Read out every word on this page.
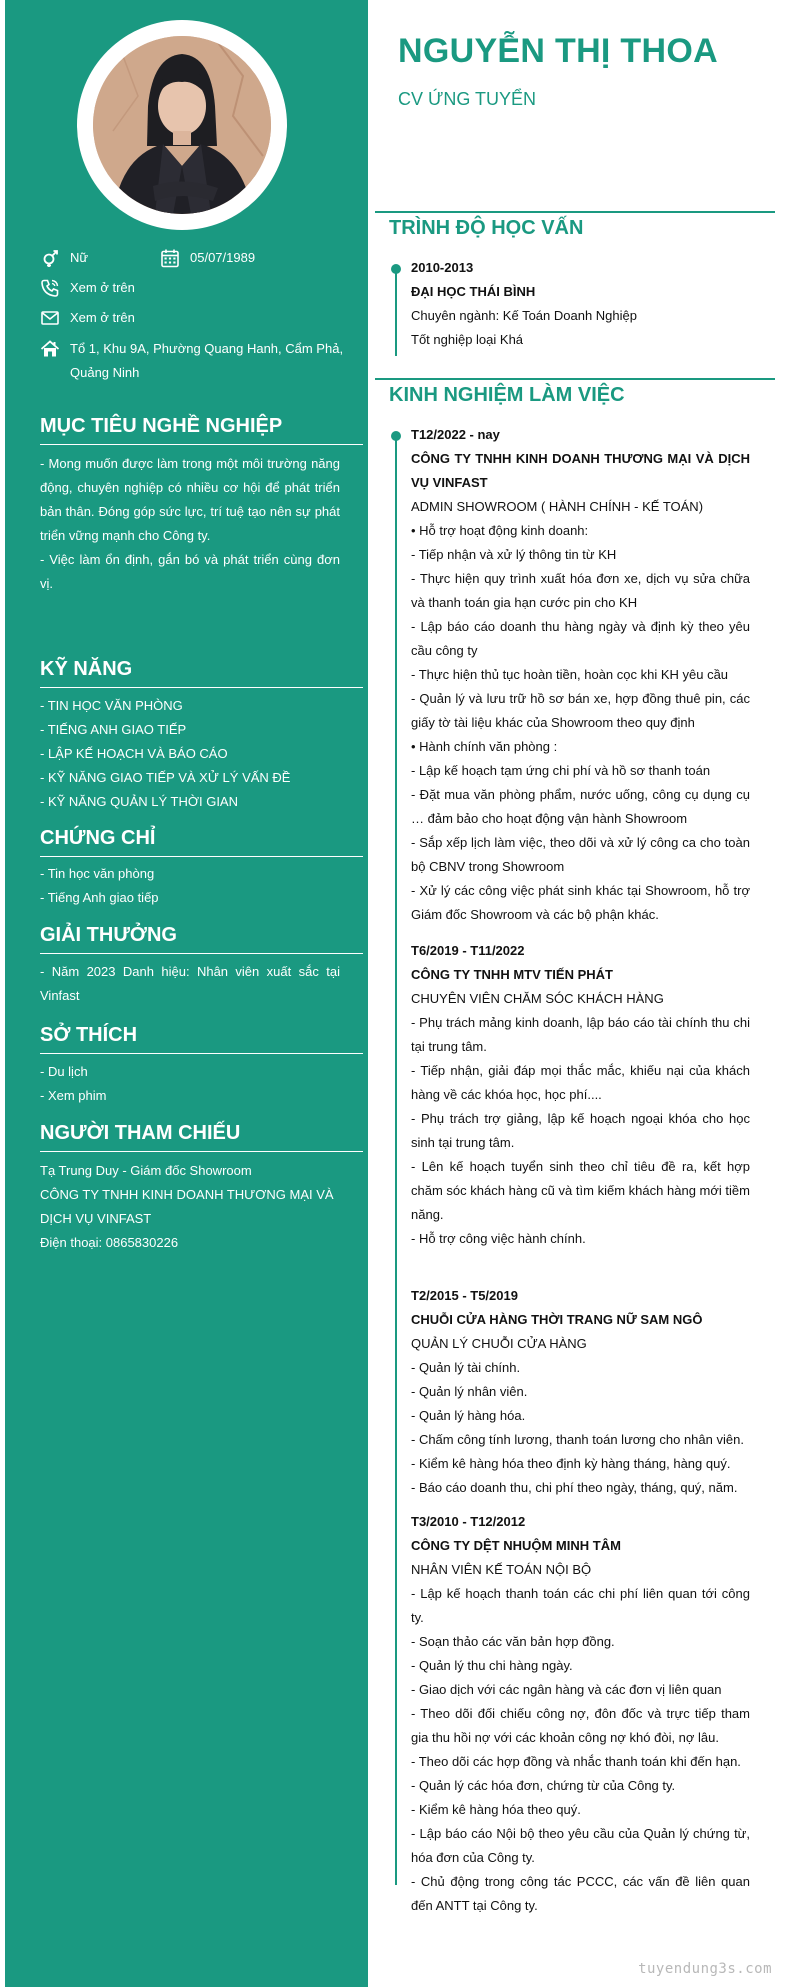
Nữ	05/07/1989
Xem ở trên
Xem ở trên
Tổ 1, Khu 9A, Phường Quang Hanh, Cẩm Phả,
Quảng Ninh
MỤC TIÊU NGHỀ NGHIỆP

- Mong muốn được làm trong một môi trường năng động, chuyên nghiệp có nhiều cơ hội để phát triển bản thân. Đóng góp sức lực, trí tuệ tạo nên sự phát triển vững mạnh cho Công ty.

- Việc làm ổn định, gắn bó và phát triển cùng đơn vị.

KỸ NĂNG
- TIN HỌC VĂN PHÒNG
- TIẾNG ANH GIAO TIẾP
- LẬP KẾ HOẠCH VÀ BÁO CÁO
- KỸ NĂNG GIAO TIẾP VÀ XỬ LÝ VẤN ĐỀ
- KỸ NĂNG QUẢN LÝ THỜI GIAN
CHỨNG CHỈ
- Tin học văn phòng
- Tiếng Anh giao tiếp
GIẢI THƯỞNG
- Năm 2023 Danh hiệu: Nhân viên xuất sắc tại Vinfast
SỞ THÍCH
- Du lịch
- Xem phim
NGƯỜI THAM CHIẾU

Tạ Trung Duy - Giám đốc Showroom

CÔNG TY TNHH KINH DOANH THƯƠNG MẠI VÀ DỊCH VỤ VINFAST

Điện thoại: 0865830226

NGUYỄN THỊ THOA
CV ỨNG TUYỂN
TRÌNH ĐỘ HỌC VẤN

2010-2013

ĐẠI HỌC THÁI BÌNH

Chuyên ngành: Kế Toán Doanh Nghiệp

Tốt nghiệp loại Khá

KINH NGHIỆM LÀM VIỆC

T12/2022 - nay

CÔNG TY TNHH KINH DOANH THƯƠNG MẠI VÀ DỊCH VỤ VINFAST

ADMIN SHOWROOM ( HÀNH CHÍNH - KẾ TOÁN)

• Hỗ trợ hoạt động kinh doanh:

- Tiếp nhận và xử lý thông tin từ KH

- Thực hiện quy trình xuất hóa đơn xe, dịch vụ sửa chữa và thanh toán gia hạn cước pin cho KH

- Lập báo cáo doanh thu hàng ngày và định kỳ theo yêu cầu công ty

- Thực hiện thủ tục hoàn tiền, hoàn cọc khi KH yêu cầu

- Quản lý và lưu trữ hồ sơ bán xe, hợp đồng thuê pin, các giấy tờ tài liệu khác của Showroom theo quy định

• Hành chính văn phòng :

- Lập kế hoạch tạm ứng chi phí và hồ sơ thanh toán

- Đặt mua văn phòng phẩm, nước uống, công cụ dụng cụ … đảm bảo cho hoạt động vận hành Showroom

- Sắp xếp lịch làm việc, theo dõi và xử lý công ca cho toàn bộ CBNV trong Showroom

- Xử lý các công việc phát sinh khác tại Showroom, hỗ trợ Giám đốc Showroom và các bộ phận khác.

T6/2019 - T11/2022

CÔNG TY TNHH MTV TIẾN PHÁT

CHUYÊN VIÊN CHĂM SÓC KHÁCH HÀNG

- Phụ trách mảng kinh doanh, lập báo cáo tài chính thu chi tại trung tâm.

- Tiếp nhận, giải đáp mọi thắc mắc, khiếu nại của khách hàng về các khóa học, học phí....

- Phụ trách trợ giảng, lập kế hoạch ngoại khóa cho học sinh tại trung tâm.

- Lên kế hoạch tuyển sinh theo chỉ tiêu đề ra, kết hợp chăm sóc khách hàng cũ và tìm kiếm khách hàng mới tiềm năng.

- Hỗ trợ công việc hành chính.

T2/2015 - T5/2019

CHUỖI CỬA HÀNG THỜI TRANG NỮ SAM NGÔ

QUẢN LÝ CHUỖI CỬA HÀNG

- Quản lý tài chính.

- Quản lý nhân viên.

- Quản lý hàng hóa.

- Chấm công tính lương, thanh toán lương cho nhân viên.

- Kiểm kê hàng hóa theo định kỳ hàng tháng, hàng quý.

- Báo cáo doanh thu, chi phí theo ngày, tháng, quý, năm.

T3/2010 - T12/2012

CÔNG TY DỆT NHUỘM MINH TÂM

NHÂN VIÊN KẾ TOÁN NỘI BỘ

- Lập kế hoạch thanh toán các chi phí liên quan tới công ty.

- Soạn thảo các văn bản hợp đồng.

- Quản lý thu chi hàng ngày.

- Giao dịch với các ngân hàng và các đơn vị liên quan

- Theo dõi đối chiếu công nợ, đôn đốc và trực tiếp tham gia thu hồi nợ với các khoản công nợ khó đòi, nợ lâu.

- Theo dõi các hợp đồng và nhắc thanh toán khi đến hạn.

- Quản lý các hóa đơn, chứng từ của Công ty.

- Kiểm kê hàng hóa theo quý.

- Lập báo cáo Nội bộ theo yêu cầu của Quản lý chứng từ, hóa đơn của Công ty.

- Chủ động trong công tác PCCC, các vấn đề liên quan đến ANTT tại Công ty.

tuyendung3s.com
